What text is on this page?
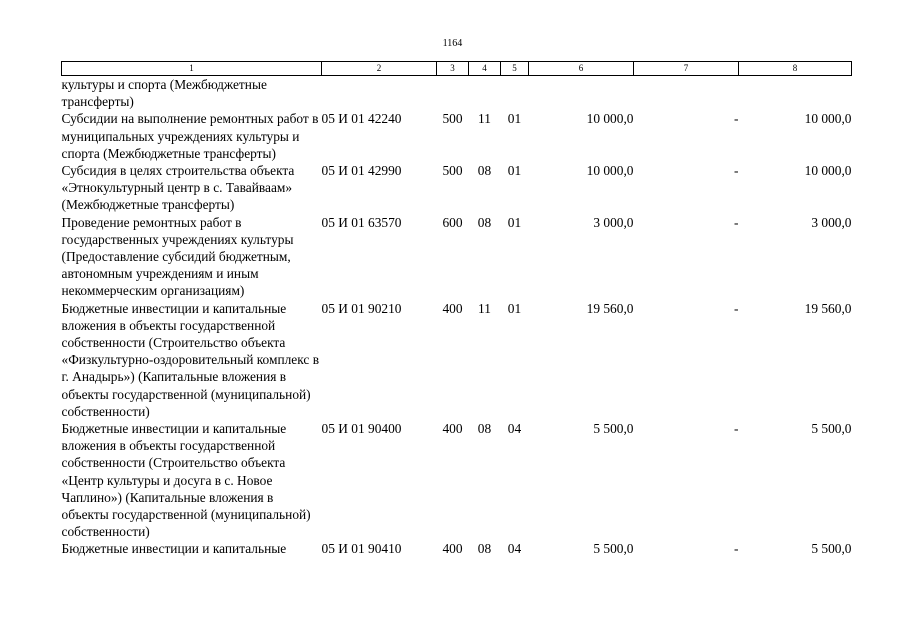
1164
1	2	3	4	5	6	7	8
культуры и спорта (Межбюджетные трансферты)							
Субсидии на выполнение ремонтных работ в муниципальных учреждениях культуры и спорта (Межбюджетные трансферты)	05 И 01 42240	500	11	01	10 000,0	-	10 000,0
Субсидия в целях строительства объекта «Этнокультурный центр в с. Тавайваам» (Межбюджетные трансферты)	05 И 01 42990	500	08	01	10 000,0	-	10 000,0
Проведение ремонтных работ в государственных учреждениях культуры (Предоставление субсидий бюджетным, автономным учреждениям и иным некоммерческим организациям)	05 И 01 63570	600	08	01	3 000,0	-	3 000,0
Бюджетные инвестиции и капитальные вложения в объекты государственной собственности (Строительство объекта «Физкультурно-оздоровительный комплекс в г. Анадырь») (Капитальные вложения в объекты государственной (муниципальной) собственности)	05 И 01 90210	400	11	01	19 560,0	-	19 560,0
Бюджетные инвестиции и капитальные вложения в объекты государственной собственности (Строительство объекта «Центр культуры и досуга в с. Новое Чаплино») (Капитальные вложения в объекты государственной (муниципальной) собственности)	05 И 01 90400	400	08	04	5 500,0	-	5 500,0
Бюджетные инвестиции и капитальные	05 И 01 90410	400	08	04	5 500,0	-	5 500,0
